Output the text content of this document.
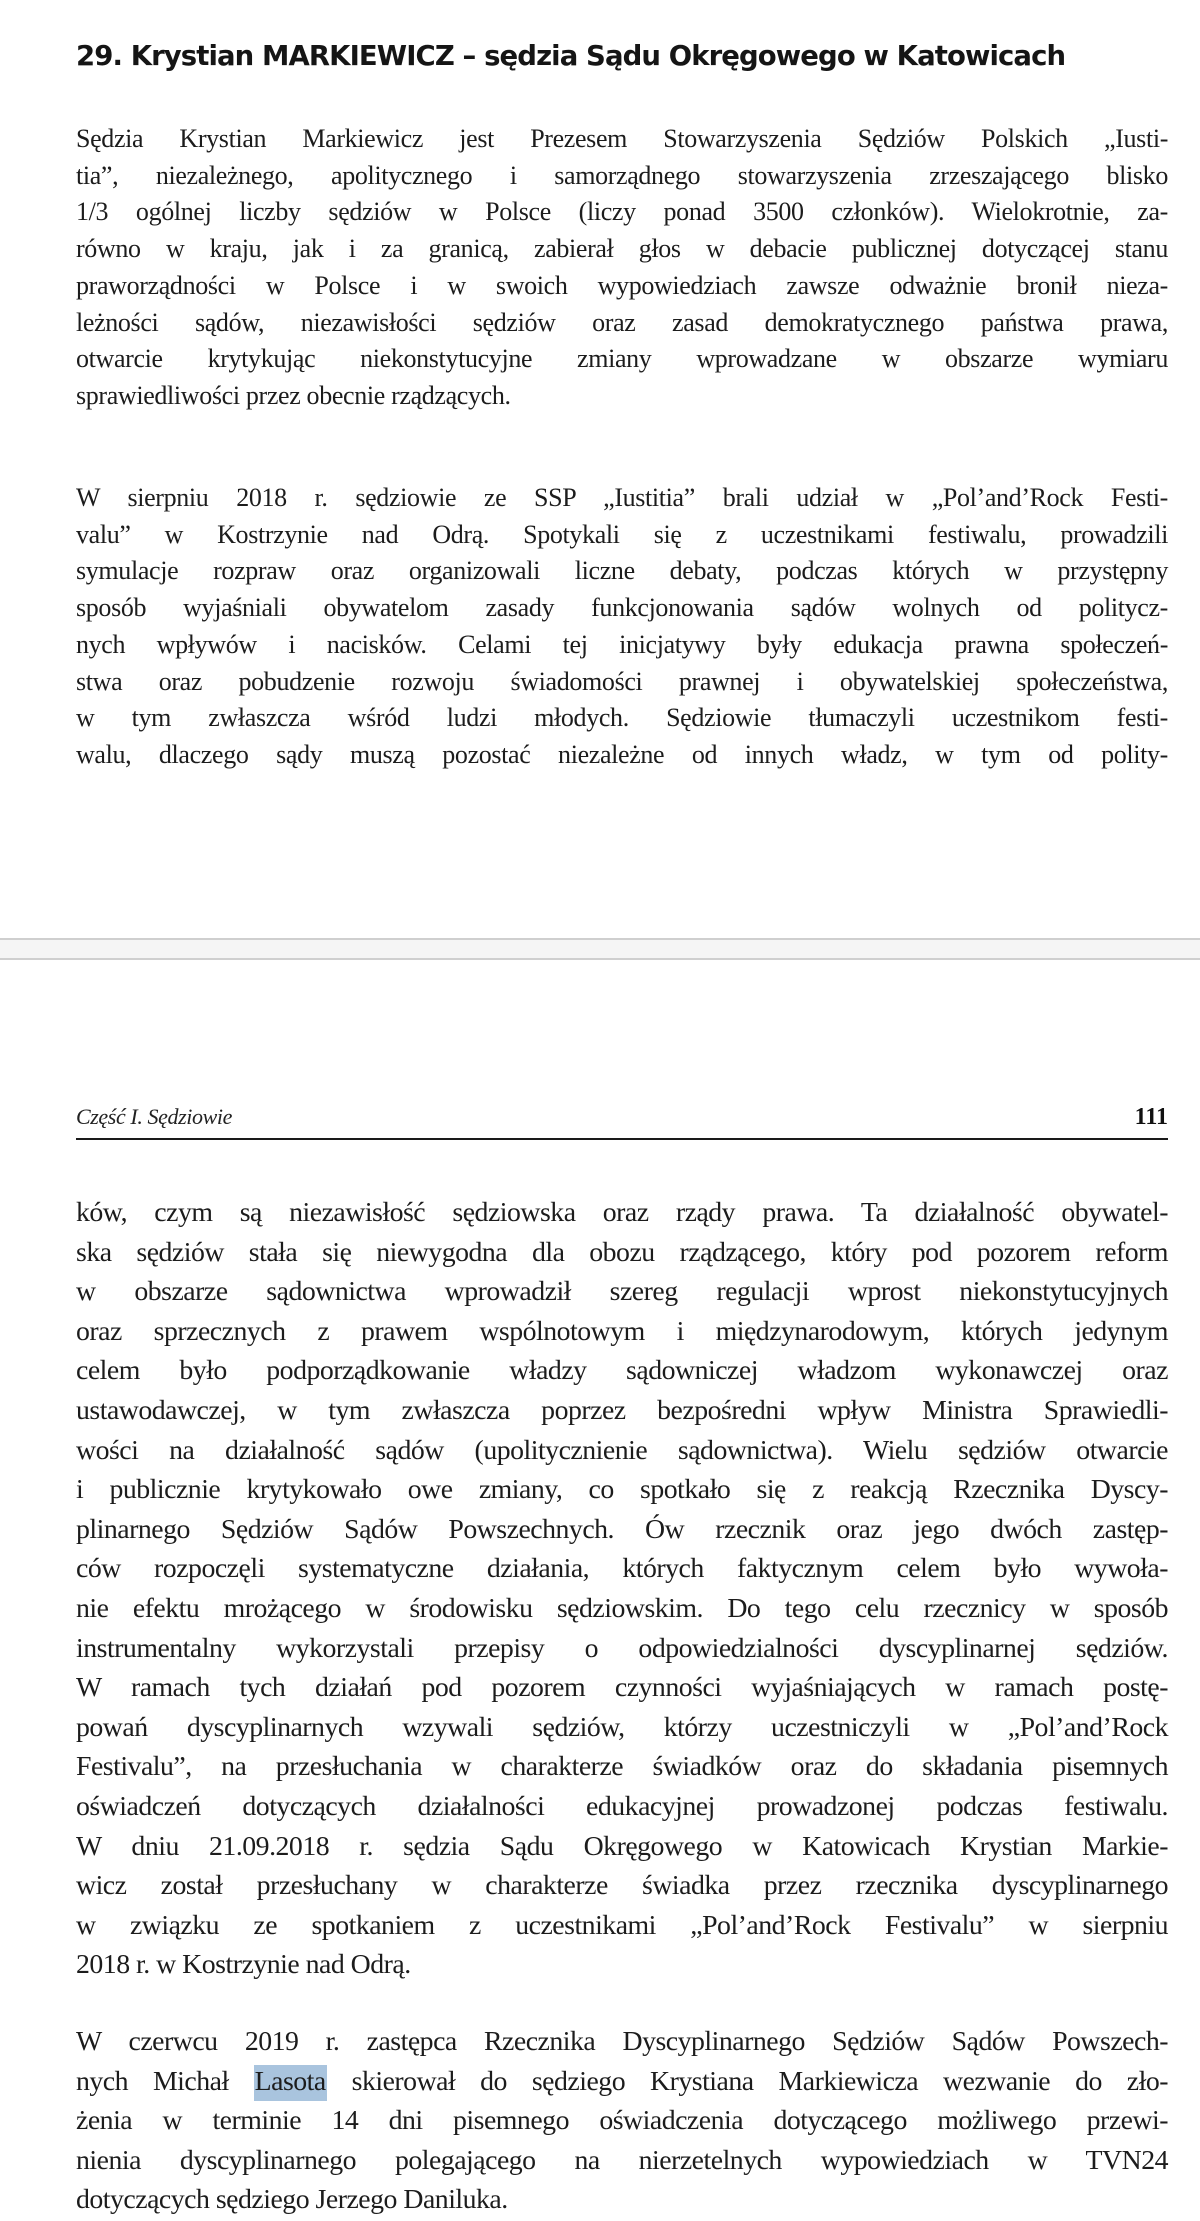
29. Krystian MARKIEWICZ – sędzia Sądu Okręgowego w Katowicach
Sędzia Krystian Markiewicz jest Prezesem Stowarzyszenia Sędziów Polskich „Iusti-
tia”, niezależnego, apolitycznego i samorządnego stowarzyszenia zrzeszającego blisko
1/3 ogólnej liczby sędziów w Polsce (liczy ponad 3500 członków). Wielokrotnie, za-
równo w kraju, jak i za granicą, zabierał głos w debacie publicznej dotyczącej stanu
praworządności w Polsce i w swoich wypowiedziach zawsze odważnie bronił nieza-
leżności sądów, niezawisłości sędziów oraz zasad demokratycznego państwa prawa,
otwarcie krytykując niekonstytucyjne zmiany wprowadzane w obszarze wymiaru
sprawiedliwości przez obecnie rządzących.
W sierpniu 2018 r. sędziowie ze SSP „Iustitia” brali udział w „Pol’and’Rock Festi-
valu” w Kostrzynie nad Odrą. Spotykali się z uczestnikami festiwalu, prowadzili
symulacje rozpraw oraz organizowali liczne debaty, podczas których w przystępny
sposób wyjaśniali obywatelom zasady funkcjonowania sądów wolnych od politycz-
nych wpływów i nacisków. Celami tej inicjatywy były edukacja prawna społeczeń-
stwa oraz pobudzenie rozwoju świadomości prawnej i obywatelskiej społeczeństwa,
w tym zwłaszcza wśród ludzi młodych. Sędziowie tłumaczyli uczestnikom festi-
walu, dlaczego sądy muszą pozostać niezależne od innych władz, w tym od polity-
Część I. Sędziowie	111
ków, czym są niezawisłość sędziowska oraz rządy prawa. Ta działalność obywatel-
ska sędziów stała się niewygodna dla obozu rządzącego, który pod pozorem reform
w obszarze sądownictwa wprowadził szereg regulacji wprost niekonstytucyjnych
oraz sprzecznych z prawem wspólnotowym i międzynarodowym, których jedynym
celem było podporządkowanie władzy sądowniczej władzom wykonawczej oraz
ustawodawczej, w tym zwłaszcza poprzez bezpośredni wpływ Ministra Sprawiedli-
wości na działalność sądów (upolitycznienie sądownictwa). Wielu sędziów otwarcie
i publicznie krytykowało owe zmiany, co spotkało się z reakcją Rzecznika Dyscy-
plinarnego Sędziów Sądów Powszechnych. Ów rzecznik oraz jego dwóch zastęp-
ców rozpoczęli systematyczne działania, których faktycznym celem było wywoła-
nie efektu mrożącego w środowisku sędziowskim. Do tego celu rzecznicy w sposób
instrumentalny wykorzystali przepisy o odpowiedzialności dyscyplinarnej sędziów.
W ramach tych działań pod pozorem czynności wyjaśniających w ramach postę-
powań dyscyplinarnych wzywali sędziów, którzy uczestniczyli w „Pol’and’Rock
Festivalu”, na przesłuchania w charakterze świadków oraz do składania pisemnych
oświadczeń dotyczących działalności edukacyjnej prowadzonej podczas festiwalu.
W dniu 21.09.2018 r. sędzia Sądu Okręgowego w Katowicach Krystian Markie-
wicz został przesłuchany w charakterze świadka przez rzecznika dyscyplinarnego
w związku ze spotkaniem z uczestnikami „Pol’and’Rock Festivalu” w sierpniu
2018 r. w Kostrzynie nad Odrą.
W czerwcu 2019 r. zastępca Rzecznika Dyscyplinarnego Sędziów Sądów Powszech-
nych Michał Lasota skierował do sędziego Krystiana Markiewicza wezwanie do zło-
żenia w terminie 14 dni pisemnego oświadczenia dotyczącego możliwego przewi-
nienia dyscyplinarnego polegającego na nierzetelnych wypowiedziach w TVN24
dotyczących sędziego Jerzego Daniluka.
